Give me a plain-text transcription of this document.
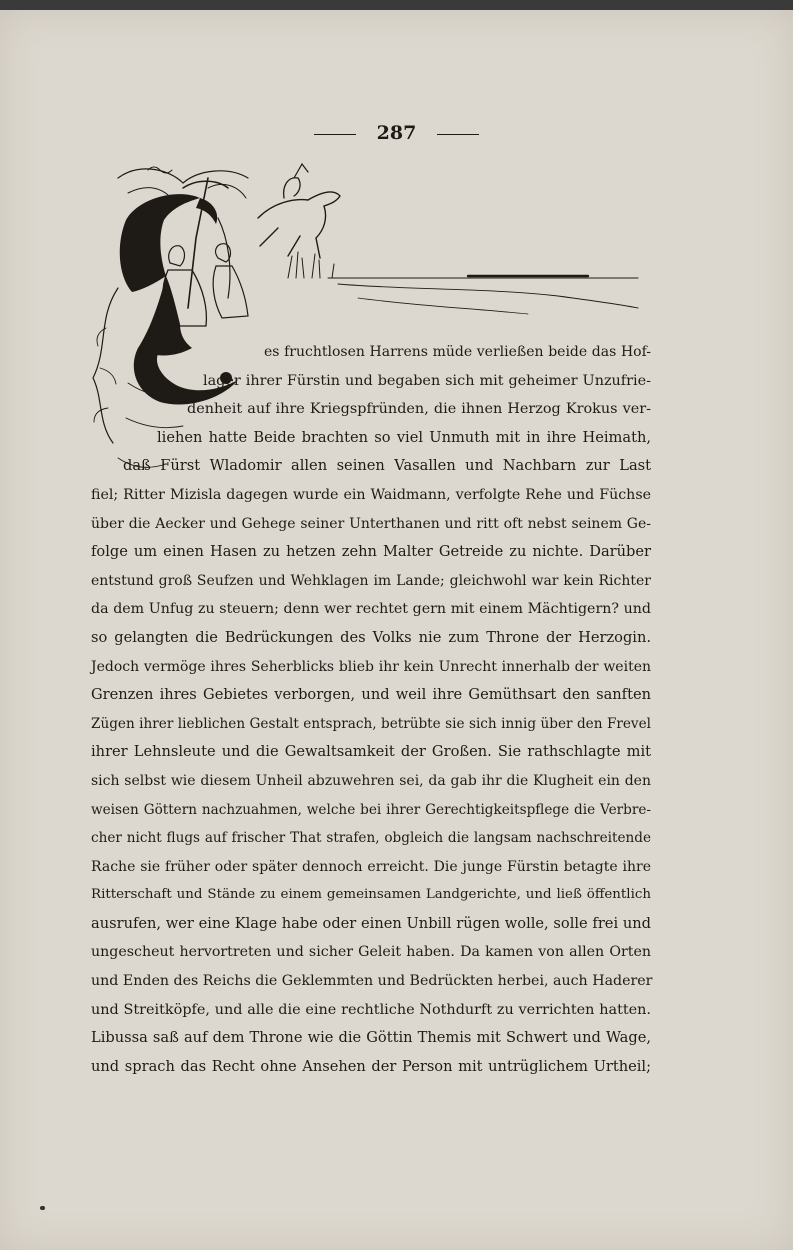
287
es fruchtlosen Harrens müde verließen beide das Hof-
lager ihrer Fürstin und begaben sich mit geheimer Unzufrie-
denheit auf ihre Kriegspfründen, die ihnen Herzog Krokus ver-
liehen hatte Beide brachten so viel Unmuth mit in ihre Heimath,
daß Fürst Wladomir allen seinen Vasallen und Nachbarn zur Last
fiel; Ritter Mizisla dagegen wurde ein Waidmann, verfolgte Rehe und Füchse
über die Aecker und Gehege seiner Unterthanen und ritt oft nebst seinem Ge-
folge um einen Hasen zu hetzen zehn Malter Getreide zu nichte. Darüber
entstund groß Seufzen und Wehklagen im Lande; gleichwohl war kein Richter
da dem Unfug zu steuern; denn wer rechtet gern mit einem Mächtigern? und
so gelangten die Bedrückungen des Volks nie zum Throne der Herzogin.
Jedoch vermöge ihres Seherblicks blieb ihr kein Unrecht innerhalb der weiten
Grenzen ihres Gebietes verborgen, und weil ihre Gemüthsart den sanften
Zügen ihrer lieblichen Gestalt entsprach, betrübte sie sich innig über den Frevel
ihrer Lehnsleute und die Gewaltsamkeit der Großen. Sie rathschlagte mit
sich selbst wie diesem Unheil abzuwehren sei, da gab ihr die Klugheit ein den
weisen Göttern nachzuahmen, welche bei ihrer Gerechtigkeitspflege die Verbre-
cher nicht flugs auf frischer That strafen, obgleich die langsam nachschreitende
Rache sie früher oder später dennoch erreicht. Die junge Fürstin betagte ihre
Ritterschaft und Stände zu einem gemeinsamen Landgerichte, und ließ öffentlich
ausrufen, wer eine Klage habe oder einen Unbill rügen wolle, solle frei und
ungescheut hervortreten und sicher Geleit haben. Da kamen von allen Orten
und Enden des Reichs die Geklemmten und Bedrückten herbei, auch Haderer
und Streitköpfe, und alle die eine rechtliche Nothdurft zu verrichten hatten.
Libussa saß auf dem Throne wie die Göttin Themis mit Schwert und Wage,
und sprach das Recht ohne Ansehen der Person mit untrüglichem Urtheil;
